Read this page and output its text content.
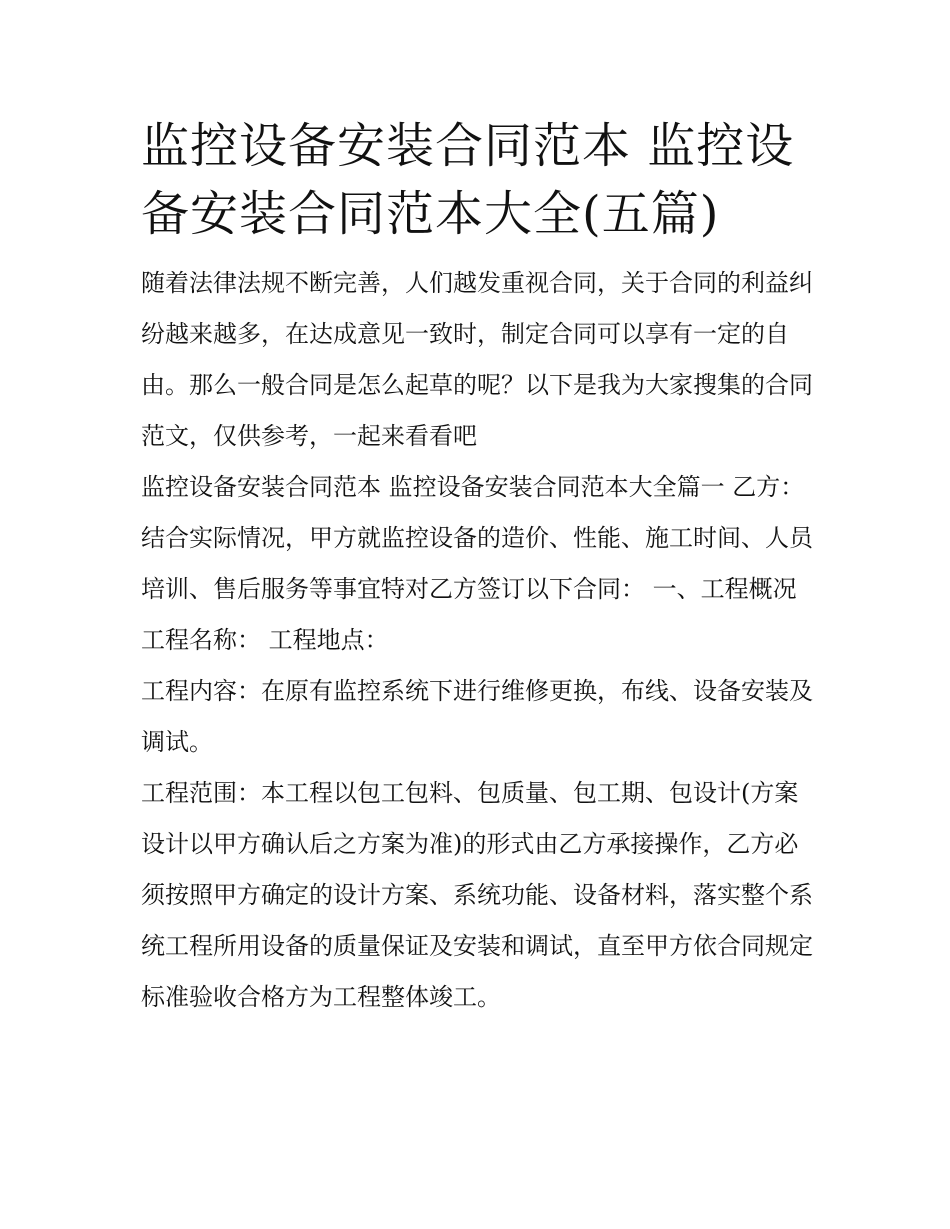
监控设备安装合同范本 监控设备安装合同范本大全(五篇)

随着法律法规不断完善，人们越发重视合同，关于合同的利益纠纷越来越多，在达成意见一致时，制定合同可以享有一定的自由。那么一般合同是怎么起草的呢？以下是我为大家搜集的合同范文，仅供参考，一起来看看吧

监控设备安装合同范本 监控设备安装合同范本大全篇一 乙方：

结合实际情况，甲方就监控设备的造价、性能、施工时间、人员培训、售后服务等事宜特对乙方签订以下合同： 一、工程概况 工程名称： 工程地点：

工程内容：在原有监控系统下进行维修更换，布线、设备安装及调试。

工程范围：本工程以包工包料、包质量、包工期、包设计(方案设计以甲方确认后之方案为准)的形式由乙方承接操作，乙方必须按照甲方确定的设计方案、系统功能、设备材料，落实整个系统工程所用设备的质量保证及安装和调试，直至甲方依合同规定标准验收合格方为工程整体竣工。
